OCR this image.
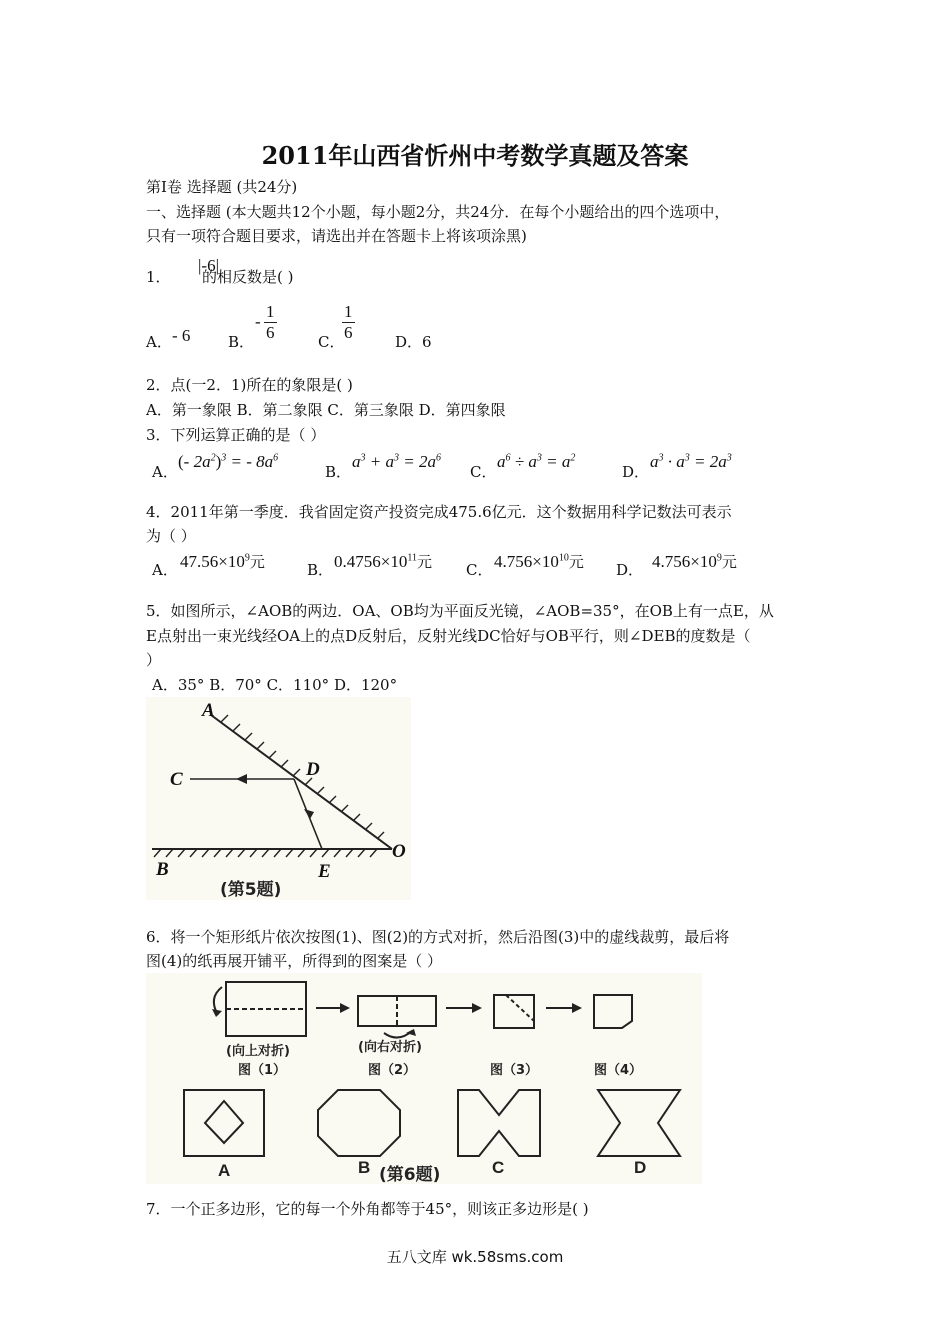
2011年山西省忻州中考数学真题及答案
第Ⅰ卷 选择题 (共24分)
一、选择题 (本大题共12个小题，每小题2分，共24分．在每个小题给出的四个选项中，
只有一项符合题目要求，请选出并在答题卡上将该项涂黑)
1．
|-6|
的相反数是( )
A． - 6	B．
- $\frac{1}{6}$	C．
$\frac{1}{6}$	D．6
2．点(一2．1)所在的象限是( )
A．第一象限 B．第二象限 C．第三象限 D．第四象限
3．下列运算正确的是（ ）
A．
(- $2a^2)^3$ = - $8a^6$
B．
$a^3 + a^3 = 2a^6$
C．
$a^6 \div a^3 = a^2$
D．
$a^3 \cdot a^3 = 2a^3$
4．2011年第一季度．我省固定资产投资完成475.6亿元．这个数据用科学记数法可表示
为（ ）
A． $47.56\times 10^9$元	B． $0.4756\times 10^{11}$元 C． $4.756\times 10^{10}$元 D． $4.756\times 10^9$元
5．如图所示，∠AOB的两边．OA、OB均为平面反光镜，∠AOB=35°，在OB上有一点E，从
E点射出一束光线经OA上的点D反射后，反射光线DC恰好与OB平行，则∠DEB的度数是（
）
A．35° B．70° C．110° D．120°
A
C	D
O
B	E
(第5题)
6．将一个矩形纸片依次按图(1)、图(2)的方式对折，然后沿图(3)中的虚线裁剪，最后将
图(4)的纸再展开铺平，所得到的图案是（ ）
(向上对折)	(向右对折)
图（1）	图（2）	图（3）	图（4）
A	B	C	D
(第6题)
7．一个正多边形，它的每一个外角都等于45°，则该正多边形是( )
五八文库 wk.58sms.com
